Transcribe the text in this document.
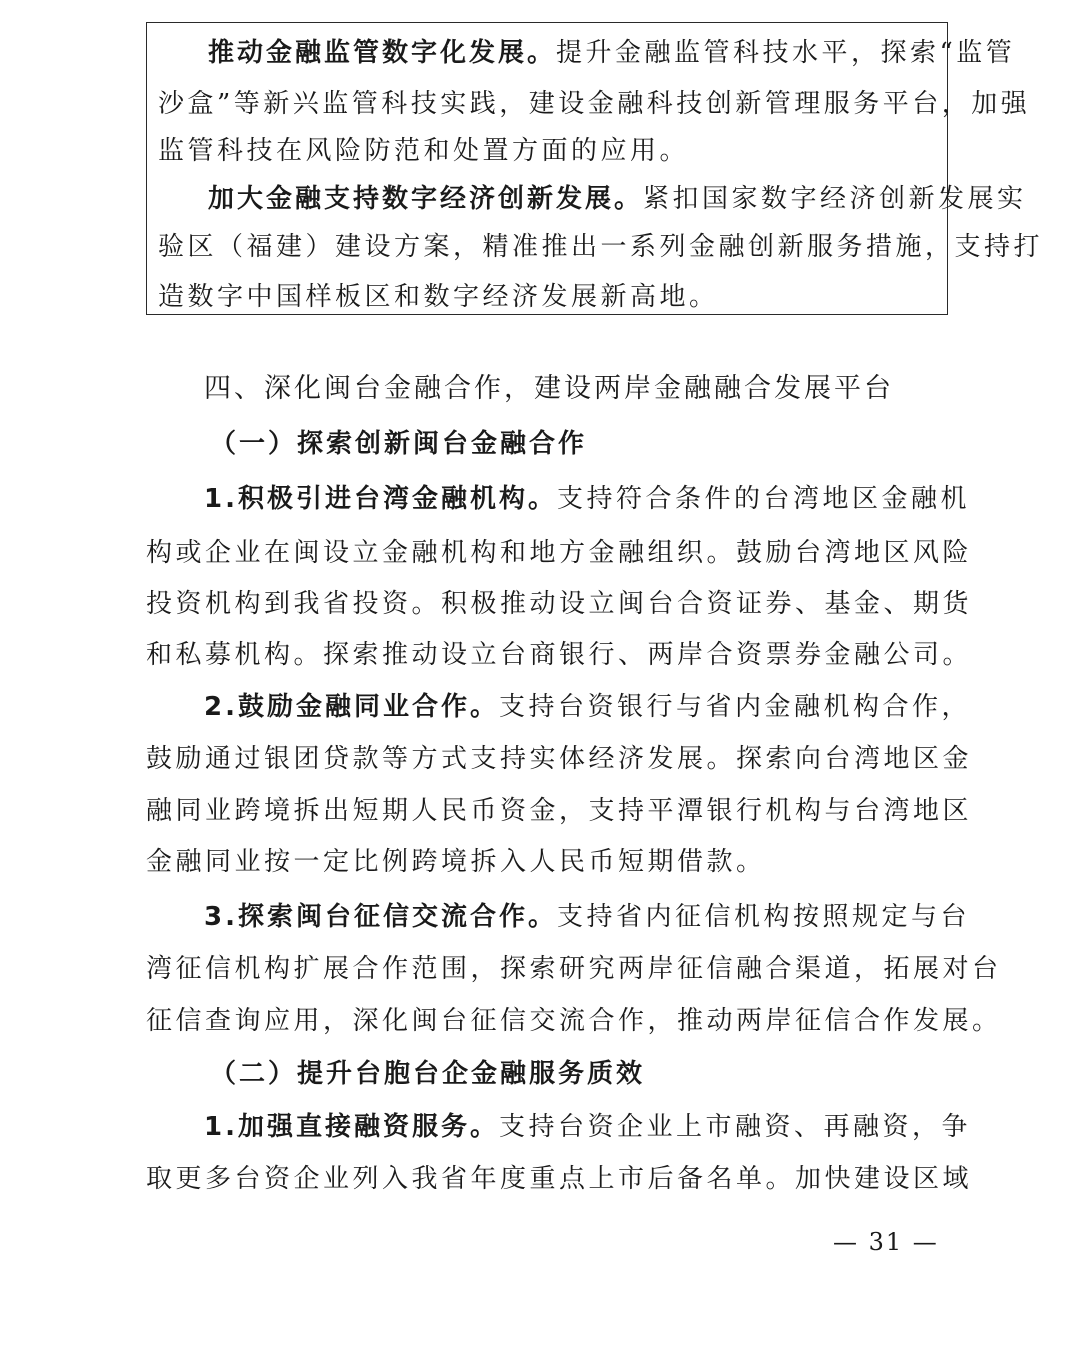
推动金融监管数字化发展。提升金融监管科技水平，探索“监管
沙盒”等新兴监管科技实践，建设金融科技创新管理服务平台，加强
监管科技在风险防范和处置方面的应用。
加大金融支持数字经济创新发展。紧扣国家数字经济创新发展实
验区（福建）建设方案，精准推出一系列金融创新服务措施，支持打
造数字中国样板区和数字经济发展新高地。
四、深化闽台金融合作，建设两岸金融融合发展平台
（一）探索创新闽台金融合作
1.积极引进台湾金融机构。支持符合条件的台湾地区金融机
构或企业在闽设立金融机构和地方金融组织。鼓励台湾地区风险
投资机构到我省投资。积极推动设立闽台合资证券、基金、期货
和私募机构。探索推动设立台商银行、两岸合资票券金融公司。
2.鼓励金融同业合作。支持台资银行与省内金融机构合作，
鼓励通过银团贷款等方式支持实体经济发展。探索向台湾地区金
融同业跨境拆出短期人民币资金，支持平潭银行机构与台湾地区
金融同业按一定比例跨境拆入人民币短期借款。
3.探索闽台征信交流合作。支持省内征信机构按照规定与台
湾征信机构扩展合作范围，探索研究两岸征信融合渠道，拓展对台
征信查询应用，深化闽台征信交流合作，推动两岸征信合作发展。
（二）提升台胞台企金融服务质效
1.加强直接融资服务。支持台资企业上市融资、再融资，争
取更多台资企业列入我省年度重点上市后备名单。加快建设区域
— 31 —
